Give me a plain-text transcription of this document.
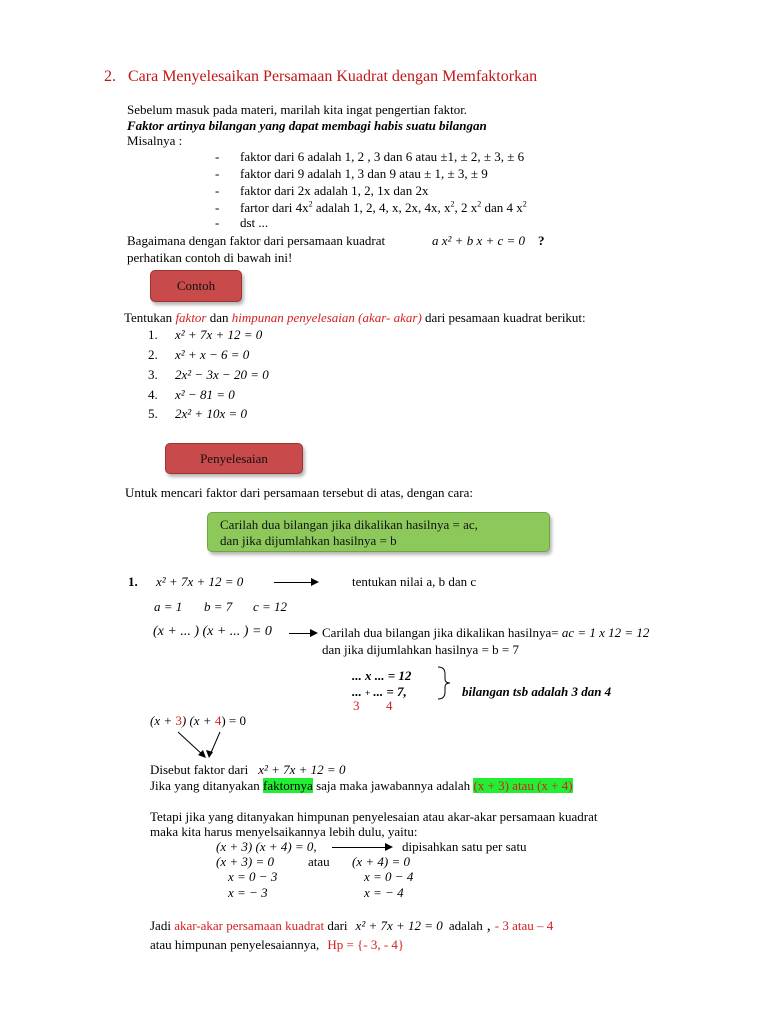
2. Cara Menyelesaikan Persamaan Kuadrat dengan Memfaktorkan
Sebelum masuk pada materi, marilah kita ingat pengertian faktor.
Faktor artinya bilangan yang dapat membagi habis suatu bilangan
Misalnya :
- faktor dari 6 adalah 1, 2 , 3 dan 6 atau ±1, ± 2, ± 3, ± 6
- faktor dari 9 adalah 1, 3 dan 9 atau ± 1, ± 3, ± 9
- faktor dari 2x adalah 1, 2, 1x dan 2x
- fartor dari $4x^2$ adalah 1, 2, 4, x, 2x, 4x, $x^2$, 2 $x^2$ dan 4 $x^2$
- dst ...
Bagaimana dengan faktor dari persamaan kuadrat	a x² + b x + c = 0 ?
perhatikan contoh di bawah ini!
Contoh
Tentukan faktor dan himpunan penyelesaian (akar- akar) dari pesamaan kuadrat berikut:
1. x² + 7x + 12 = 0
2. x² + x − 6 = 0
3. 2x² − 3x − 20 = 0
4. x² − 81 = 0
5. 2x² + 10x = 0
Penyelesaian
Untuk mencari faktor dari persamaan tersebut di atas, dengan cara:
Carilah dua bilangan jika dikalikan hasilnya = ac,
dan jika dijumlahkan hasilnya = b
1. x² + 7x + 12 = 0	tentukan nilai a, b dan c
a = 1 b = 7 c = 12
(x + ... ) (x + ... ) = 0	Carilah dua bilangan jika dikalikan hasilnya= ac = 1 x 12 = 12
dan jika dijumlahkan hasilnya = b = 7
... x ... = 12
... + ... = 7,	bilangan tsb adalah 3 dan 4
3 4
(x + 3) (x + 4) = 0
Disebut faktor dari x² + 7x + 12 = 0
Jika yang ditanyakan faktornya saja maka jawabannya adalah (x + 3) atau (x + 4)
Tetapi jika yang ditanyakan himpunan penyelesaian atau akar-akar persamaan kuadrat
maka kita harus menyelsaikannya lebih dulu, yaitu:
(x + 3) (x + 4) = 0,	dipisahkan satu per satu
(x + 3) = 0	atau (x + 4) = 0
x = 0 − 3	x = 0 − 4
x = − 3	x = − 4
Jadi akar-akar persamaan kuadrat dari x² + 7x + 12 = 0 adalah , - 3 atau – 4
atau himpunan penyelesaiannya, Hp = {- 3, - 4}
